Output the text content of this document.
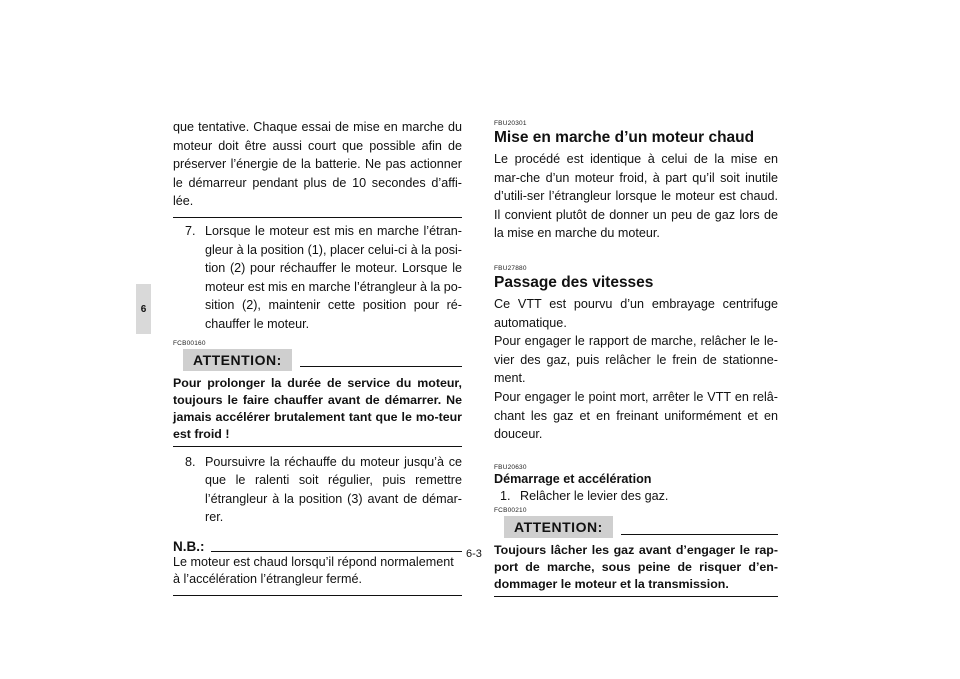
6

que tentative. Chaque essai de mise en marche du moteur doit être aussi court que possible afin de préserver l’énergie de la batterie. Ne pas actionner le démarreur pendant plus de 10 secondes d’affi-lée.

7. Lorsque le moteur est mis en marche l’étran-gleur à la position (1), placer celui-ci à la posi-tion (2) pour réchauffer le moteur. Lorsque le moteur est mis en marche l’étrangleur à la po-sition (2), maintenir cette position pour ré-chauffer le moteur.
FCB00160
ATTENTION:
Pour prolonger la durée de service du moteur, toujours le faire chauffer avant de démarrer. Ne jamais accélérer brutalement tant que le mo-teur est froid !
8. Poursuivre la réchauffe du moteur jusqu’à ce que le ralenti soit régulier, puis remettre l’étrangleur à la position (3) avant de démar-rer.
N.B.:
Le moteur est chaud lorsqu’il répond normalement à l’accélération l’étrangleur fermé.
FBU20301
Mise en marche d’un moteur chaud

Le procédé est identique à celui de la mise en mar-che d’un moteur froid, à part qu’il soit inutile d’utili-ser l’étrangleur lorsque le moteur est chaud. Il convient plutôt de donner un peu de gaz lors de la mise en marche du moteur.

FBU27880
Passage des vitesses

Ce VTT est pourvu d’un embrayage centrifuge automatique.

Pour engager le rapport de marche, relâcher le le-vier des gaz, puis relâcher le frein de stationne-ment.

Pour engager le point mort, arrêter le VTT en relâ-chant les gaz et en freinant uniformément et en douceur.

FBU20630
Démarrage et accélération
1. Relâcher le levier des gaz.
FCB00210
ATTENTION:
Toujours lâcher les gaz avant d’engager le rap-port de marche, sous peine de risquer d’en-dommager le moteur et la transmission.
6-3
